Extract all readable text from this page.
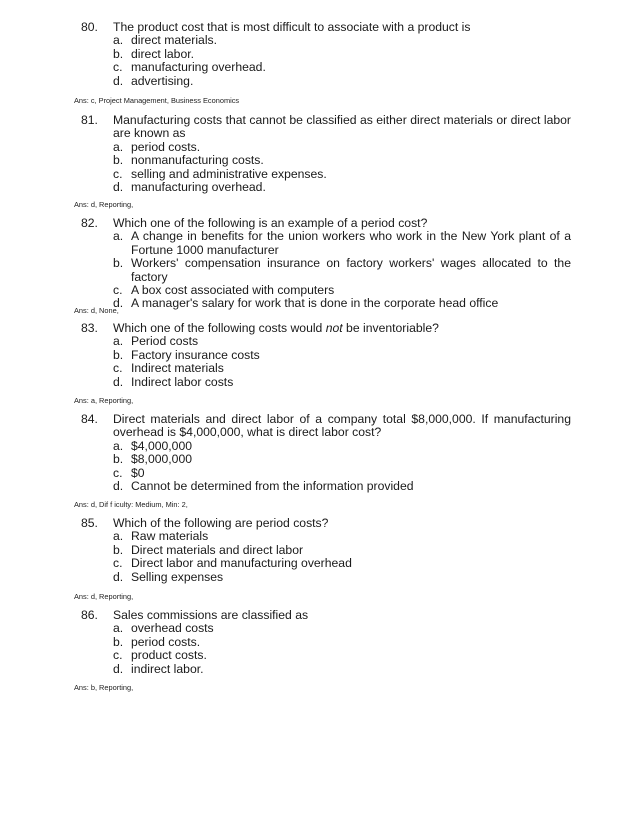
80. The product cost that is most difficult to associate with a product is
a. direct materials.
b. direct labor.
c. manufacturing overhead.
d. advertising.
Ans: c, Project Management, Business Economics
81. Manufacturing costs that cannot be classified as either direct materials or direct labor are known as
a. period costs.
b. nonmanufacturing costs.
c. selling and administrative expenses.
d. manufacturing overhead.
Ans: d, Reporting,
82. Which one of the following is an example of a period cost?
a. A change in benefits for the union workers who work in the New York plant of a Fortune 1000 manufacturer
b. Workers' compensation insurance on factory workers' wages allocated to the factory
c. A box cost associated with computers
d. A manager's salary for work that is done in the corporate head office
Ans: d, None,
83. Which one of the following costs would not be inventoriable?
a. Period costs
b. Factory insurance costs
c. Indirect materials
d. Indirect labor costs
Ans: a, Reporting,
84. Direct materials and direct labor of a company total $8,000,000. If manufacturing overhead is $4,000,000, what is direct labor cost?
a. $4,000,000
b. $8,000,000
c. $0
d. Cannot be determined from the information provided
Ans: d, Dif f iculty: Medium, Min: 2,
85. Which of the following are period costs?
a. Raw materials
b. Direct materials and direct labor
c. Direct labor and manufacturing overhead
d. Selling expenses
Ans: d, Reporting,
86. Sales commissions are classified as
a. overhead costs
b. period costs.
c. product costs.
d. indirect labor.
Ans: b, Reporting,
